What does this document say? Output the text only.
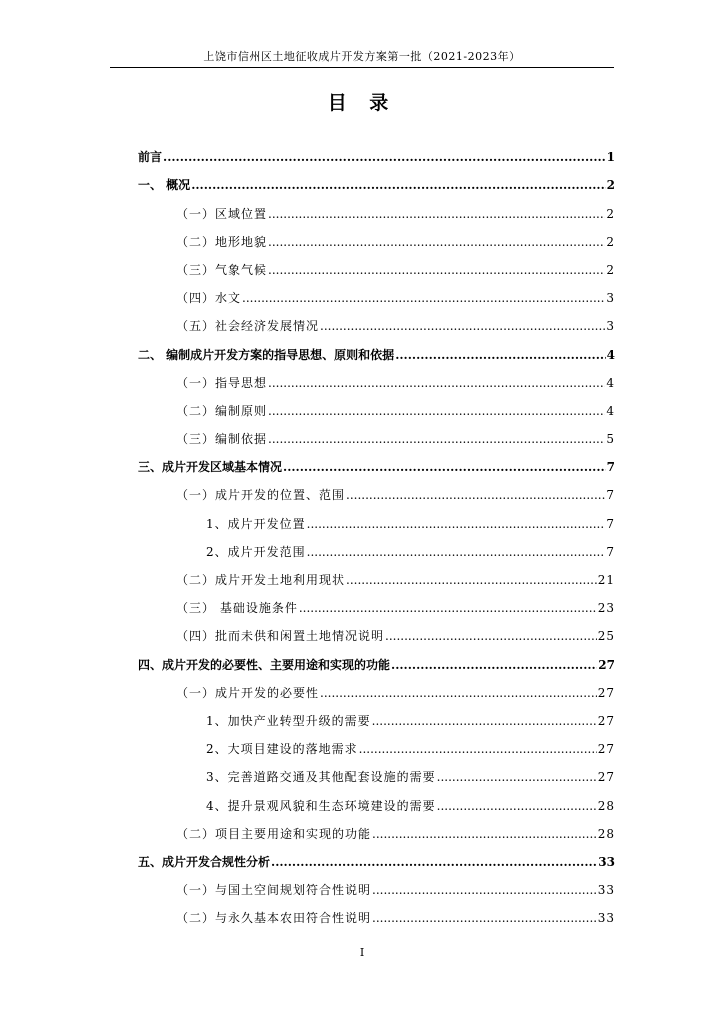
上饶市信州区土地征收成片开发方案第一批（2021-2023年）
目 录
前言 .....	1
一、 概况 .....	2
（一）区域位置 .....	2
（二）地形地貌 .....	2
（三）气象气候 .....	2
（四）水文 .....	3
（五）社会经济发展情况 .....	3
二、 编制成片开发方案的指导思想、原则和依据 .....	4
（一）指导思想 .....	4
（二）编制原则 .....	4
（三）编制依据 .....	5
三、成片开发区域基本情况 .....	7
（一）成片开发的位置、范围 .....	7
1、成片开发位置 .....	7
2、成片开发范围 .....	7
（二）成片开发土地利用现状 .....	21
（三） 基础设施条件 .....	23
（四）批而未供和闲置土地情况说明 .....	25
四、成片开发的必要性、主要用途和实现的功能 .....	27
（一）成片开发的必要性 .....	27
1、加快产业转型升级的需要 .....	27
2、大项目建设的落地需求 .....	27
3、完善道路交通及其他配套设施的需要 .....	27
4、提升景观风貌和生态环境建设的需要 .....	28
（二）项目主要用途和实现的功能 .....	28
五、成片开发合规性分析 .....	33
（一）与国土空间规划符合性说明 .....	33
（二）与永久基本农田符合性说明 .....	33
I
